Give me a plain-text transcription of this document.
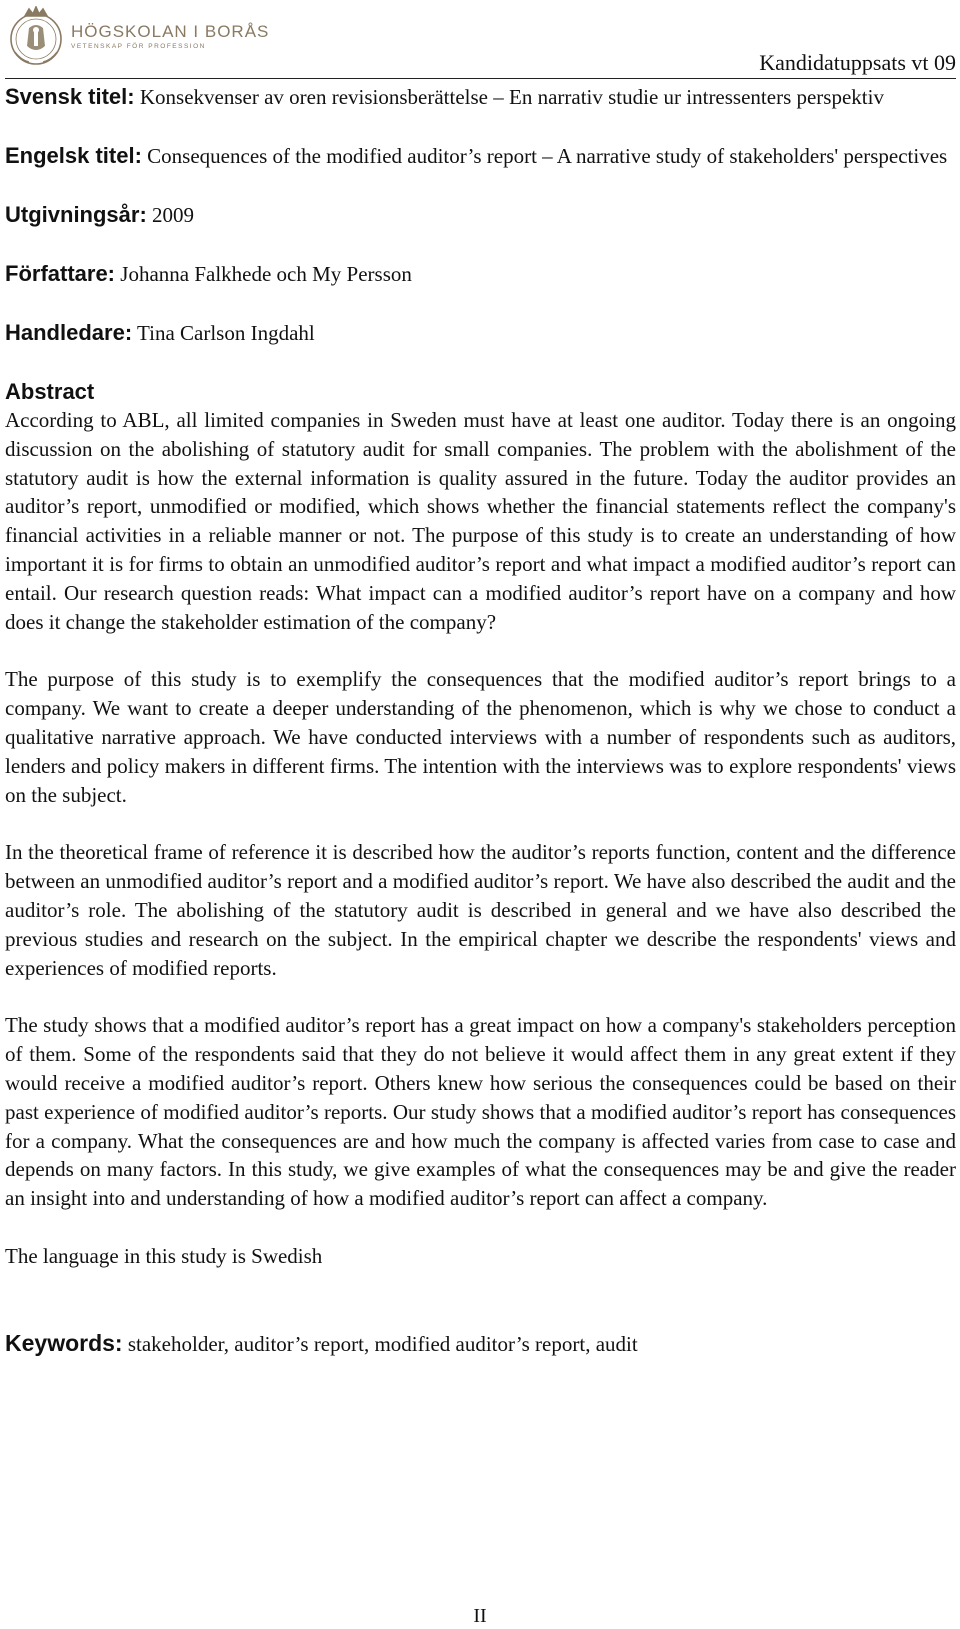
HÖGSKOLAN I BORÅS
VETENSKAP FÖR PROFESSION
Kandidatuppsats vt 09

Svensk titel: Konsekvenser av oren revisionsberättelse – En narrativ studie ur intressenters perspektiv

Engelsk titel: Consequences of the modified auditor’s report – A narrative study of stakeholders' perspectives

Utgivningsår: 2009

Författare: Johanna Falkhede och My Persson

Handledare: Tina Carlson Ingdahl

Abstract

According to ABL, all limited companies in Sweden must have at least one auditor. Today there is an ongoing discussion on the abolishing of statutory audit for small companies. The problem with the abolishment of the statutory audit is how the external information is quality assured in the future. Today the auditor provides an auditor’s report, unmodified or modified, which shows whether the financial statements reflect the company's financial activities in a reliable manner or not. The purpose of this study is to create an understanding of how important it is for firms to obtain an unmodified auditor’s report and what impact a modified auditor’s report can entail. Our research question reads: What impact can a modified auditor’s report have on a company and how does it change the stakeholder estimation of the company?

The purpose of this study is to exemplify the consequences that the modified auditor’s report brings to a company. We want to create a deeper understanding of the phenomenon, which is why we chose to conduct a qualitative narrative approach. We have conducted interviews with a number of respondents such as auditors, lenders and policy makers in different firms. The intention with the interviews was to explore respondents' views on the subject.

In the theoretical frame of reference it is described how the auditor’s reports function, content and the difference between an unmodified auditor’s report and a modified auditor’s report. We have also described the audit and the auditor’s role. The abolishing of the statutory audit is described in general and we have also described the previous studies and research on the subject. In the empirical chapter we describe the respondents' views and experiences of modified reports.

The study shows that a modified auditor’s report has a great impact on how a company's stakeholders perception of them. Some of the respondents said that they do not believe it would affect them in any great extent if they would receive a modified auditor’s report. Others knew how serious the consequences could be based on their past experience of modified auditor’s reports. Our study shows that a modified auditor’s report has consequences for a company. What the consequences are and how much the company is affected varies from case to case and depends on many factors. In this study, we give examples of what the consequences may be and give the reader an insight into and understanding of how a modified auditor’s report can affect a company.

The language in this study is Swedish

Keywords: stakeholder, auditor’s report, modified auditor’s report, audit

II
